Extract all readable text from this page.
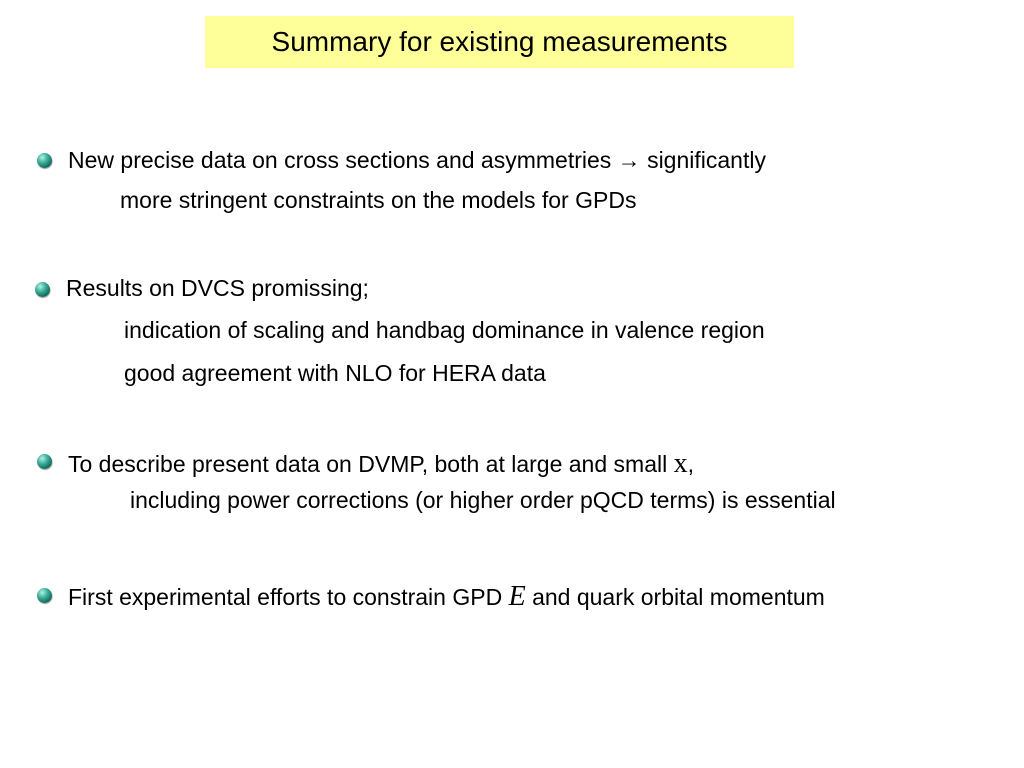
Summary for existing measurements
New precise data on cross sections and asymmetries → significantly
more stringent constraints on the models for GPDs
Results on DVCS promissing;
indication of scaling and handbag dominance in valence region
good agreement with NLO for HERA data
To describe present data on DVMP, both at large and small x,
including power corrections (or higher order pQCD terms) is essential
First experimental efforts to constrain GPD E and quark orbital momentum
